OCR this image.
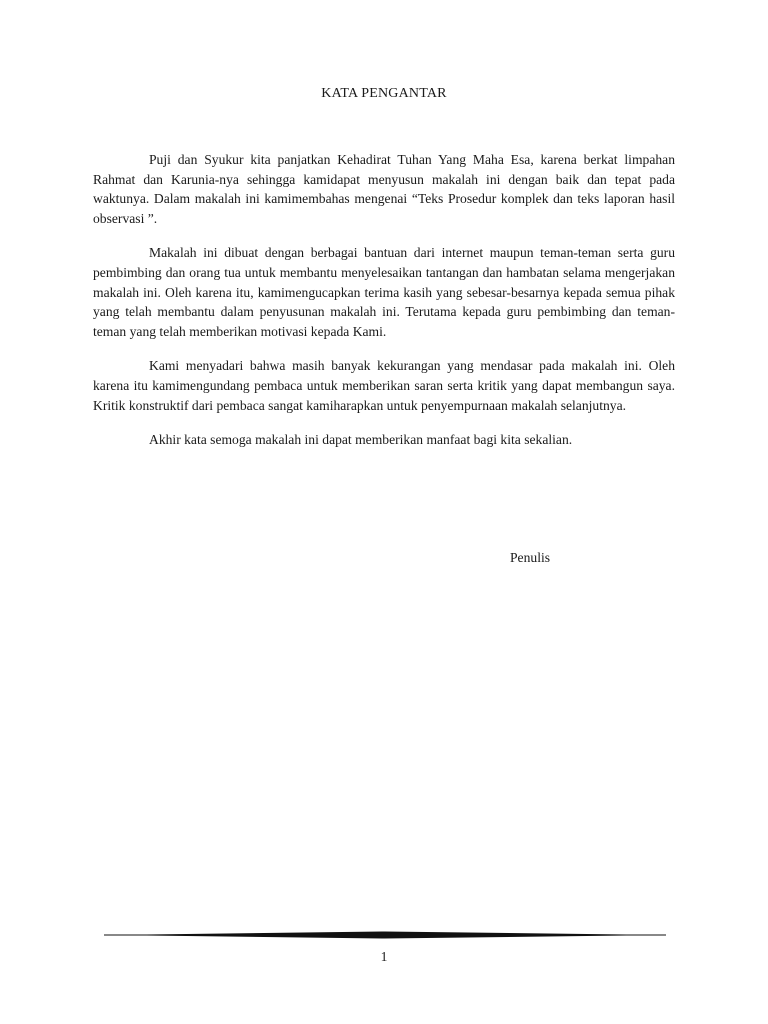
KATA PENGANTAR

Puji dan Syukur kita panjatkan Kehadirat Tuhan Yang Maha Esa, karena berkat limpahan Rahmat dan Karunia-nya sehingga kamidapat menyusun makalah ini dengan baik dan tepat pada waktunya. Dalam makalah ini kamimembahas mengenai “Teks Prosedur komplek dan teks laporan hasil observasi ”.

Makalah ini dibuat dengan berbagai bantuan dari internet maupun teman-teman serta guru pembimbing dan orang tua untuk membantu menyelesaikan tantangan dan hambatan selama mengerjakan makalah ini. Oleh karena itu, kamimengucapkan terima kasih yang sebesar-besarnya kepada semua pihak yang telah membantu dalam penyusunan makalah ini. Terutama kepada guru pembimbing dan teman-teman yang telah memberikan motivasi kepada Kami.

Kami menyadari bahwa masih banyak kekurangan yang mendasar pada makalah ini. Oleh karena itu kamimengundang pembaca untuk memberikan saran serta kritik yang dapat membangun saya. Kritik konstruktif dari pembaca sangat kamiharapkan untuk penyempurnaan makalah selanjutnya.

Akhir kata semoga makalah ini dapat memberikan manfaat bagi kita sekalian.

Penulis

1
